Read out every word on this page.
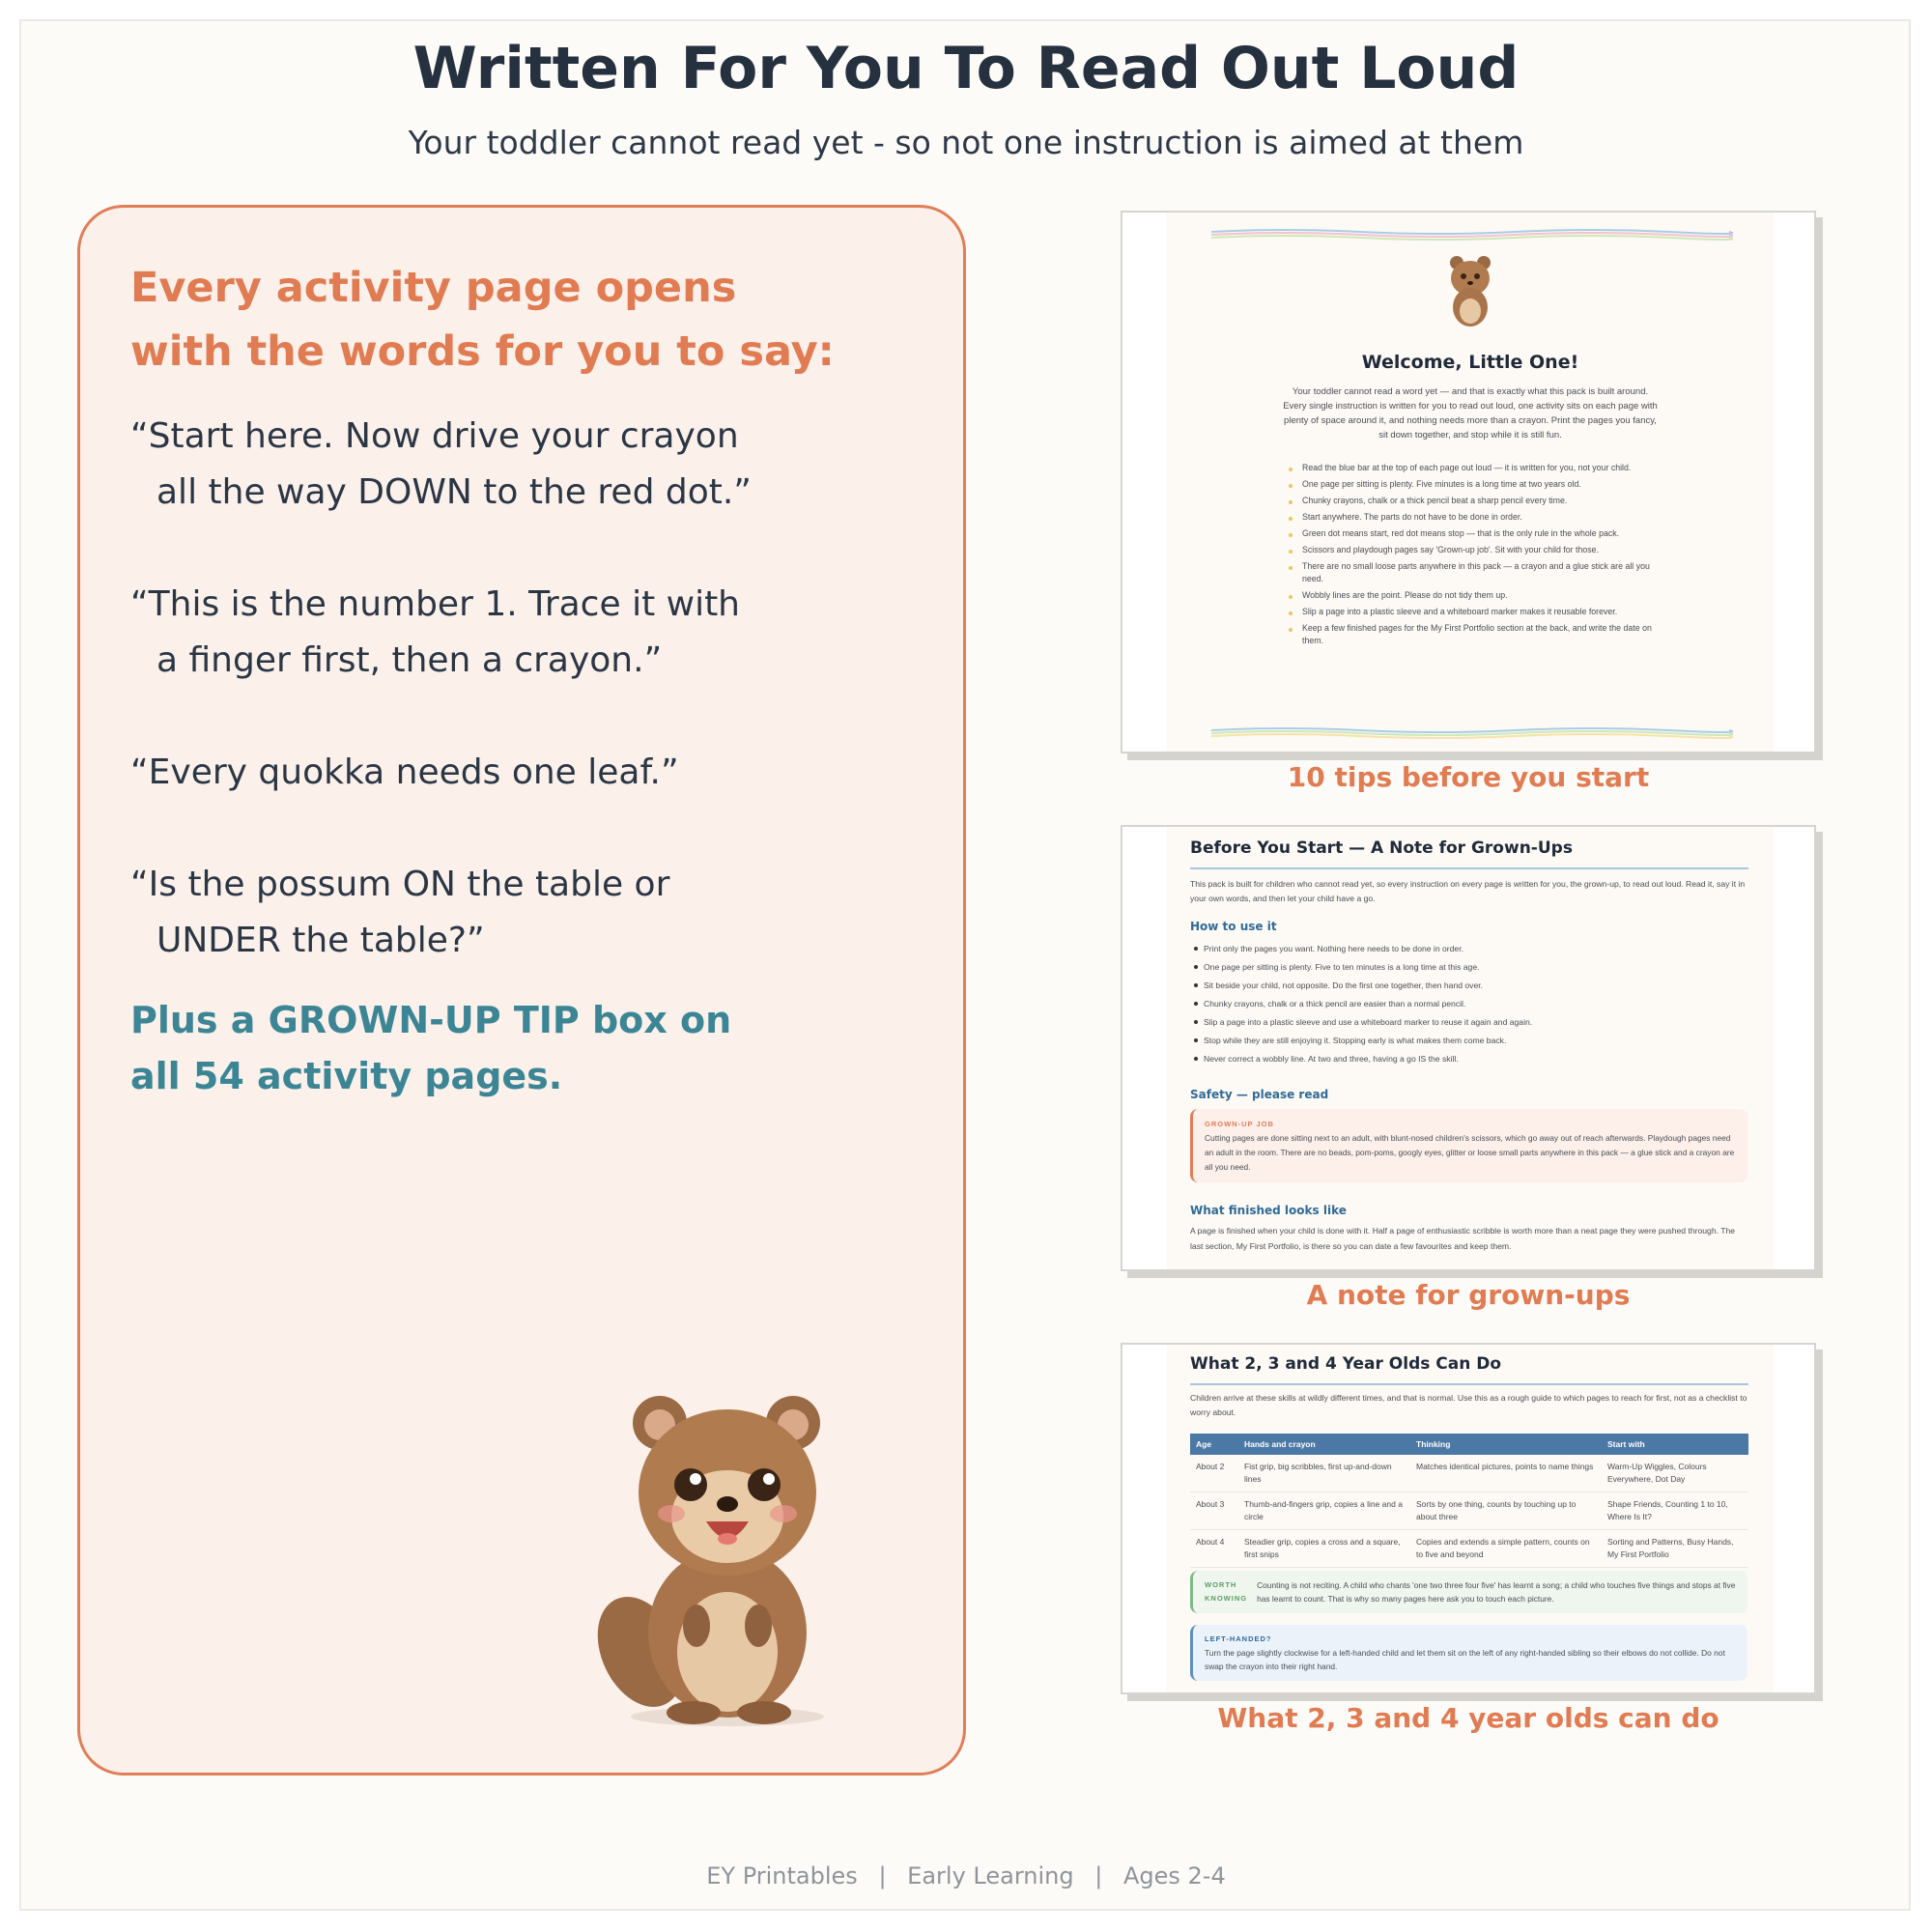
Written For You To Read Out Loud
Your toddler cannot read yet - so not one instruction is aimed at them
Every activity page opens
with the words for you to say:
“Start here. Now drive your crayon
all the way DOWN to the red dot.”
“This is the number 1. Trace it with
a finger first, then a crayon.”
“Every quokka needs one leaf.”
“Is the possum ON the table or
UNDER the table?”
Plus a GROWN-UP TIP box on
all 54 activity pages.
Welcome, Little One!
Your toddler cannot read a word yet — and that is exactly what this pack is built around. Every single instruction is written for you to read out loud, one activity sits on each page with plenty of space around it, and nothing needs more than a crayon. Print the pages you fancy, sit down together, and stop while it is still fun.
Read the blue bar at the top of each page out loud — it is written for you, not your child.
One page per sitting is plenty. Five minutes is a long time at two years old.
Chunky crayons, chalk or a thick pencil beat a sharp pencil every time.
Start anywhere. The parts do not have to be done in order.
Green dot means start, red dot means stop — that is the only rule in the whole pack.
Scissors and playdough pages say 'Grown-up job'. Sit with your child for those.
There are no small loose parts anywhere in this pack — a crayon and a glue stick are all you need.
Wobbly lines are the point. Please do not tidy them up.
Slip a page into a plastic sleeve and a whiteboard marker makes it reusable forever.
Keep a few finished pages for the My First Portfolio section at the back, and write the date on them.
10 tips before you start
Before You Start — A Note for Grown-Ups
This pack is built for children who cannot read yet, so every instruction on every page is written for you, the grown-up, to read out loud. Read it, say it in your own words, and then let your child have a go.
How to use it
Print only the pages you want. Nothing here needs to be done in order.
One page per sitting is plenty. Five to ten minutes is a long time at this age.
Sit beside your child, not opposite. Do the first one together, then hand over.
Chunky crayons, chalk or a thick pencil are easier than a normal pencil.
Slip a page into a plastic sleeve and use a whiteboard marker to reuse it again and again.
Stop while they are still enjoying it. Stopping early is what makes them come back.
Never correct a wobbly line. At two and three, having a go IS the skill.
Safety — please read
GROWN-UP JOB
Cutting pages are done sitting next to an adult, with blunt-nosed children's scissors, which go away out of reach afterwards. Playdough pages need an adult in the room. There are no beads, pom-poms, googly eyes, glitter or loose small parts anywhere in this pack — a glue stick and a crayon are all you need.
What finished looks like
A page is finished when your child is done with it. Half a page of enthusiastic scribble is worth more than a neat page they were pushed through. The last section, My First Portfolio, is there so you can date a few favourites and keep them.
A note for grown-ups
What 2, 3 and 4 Year Olds Can Do
Children arrive at these skills at wildly different times, and that is normal. Use this as a rough guide to which pages to reach for first, not as a checklist to worry about.
Age	Hands and crayon	Thinking	Start with
About 2	Fist grip, big scribbles, first up-and-down lines	Matches identical pictures, points to name things	Warm-Up Wiggles, Colours Everywhere, Dot Day
About 3	Thumb-and-fingers grip, copies a line and a circle	Sorts by one thing, counts by touching up to about three	Shape Friends, Counting 1 to 10, Where Is It?
About 4	Steadier grip, copies a cross and a square, first snips	Copies and extends a simple pattern, counts on to five and beyond	Sorting and Patterns, Busy Hands, My First Portfolio
WORTH
KNOWING
Counting is not reciting. A child who chants 'one two three four five' has learnt a song; a child who touches five things and stops at five has learnt to count. That is why so many pages here ask you to touch each picture.
LEFT-HANDED?
Turn the page slightly clockwise for a left-handed child and let them sit on the left of any right-handed sibling so their elbows do not collide. Do not swap the crayon into their right hand.
What 2, 3 and 4 year olds can do
EY Printables | Early Learning | Ages 2-4
